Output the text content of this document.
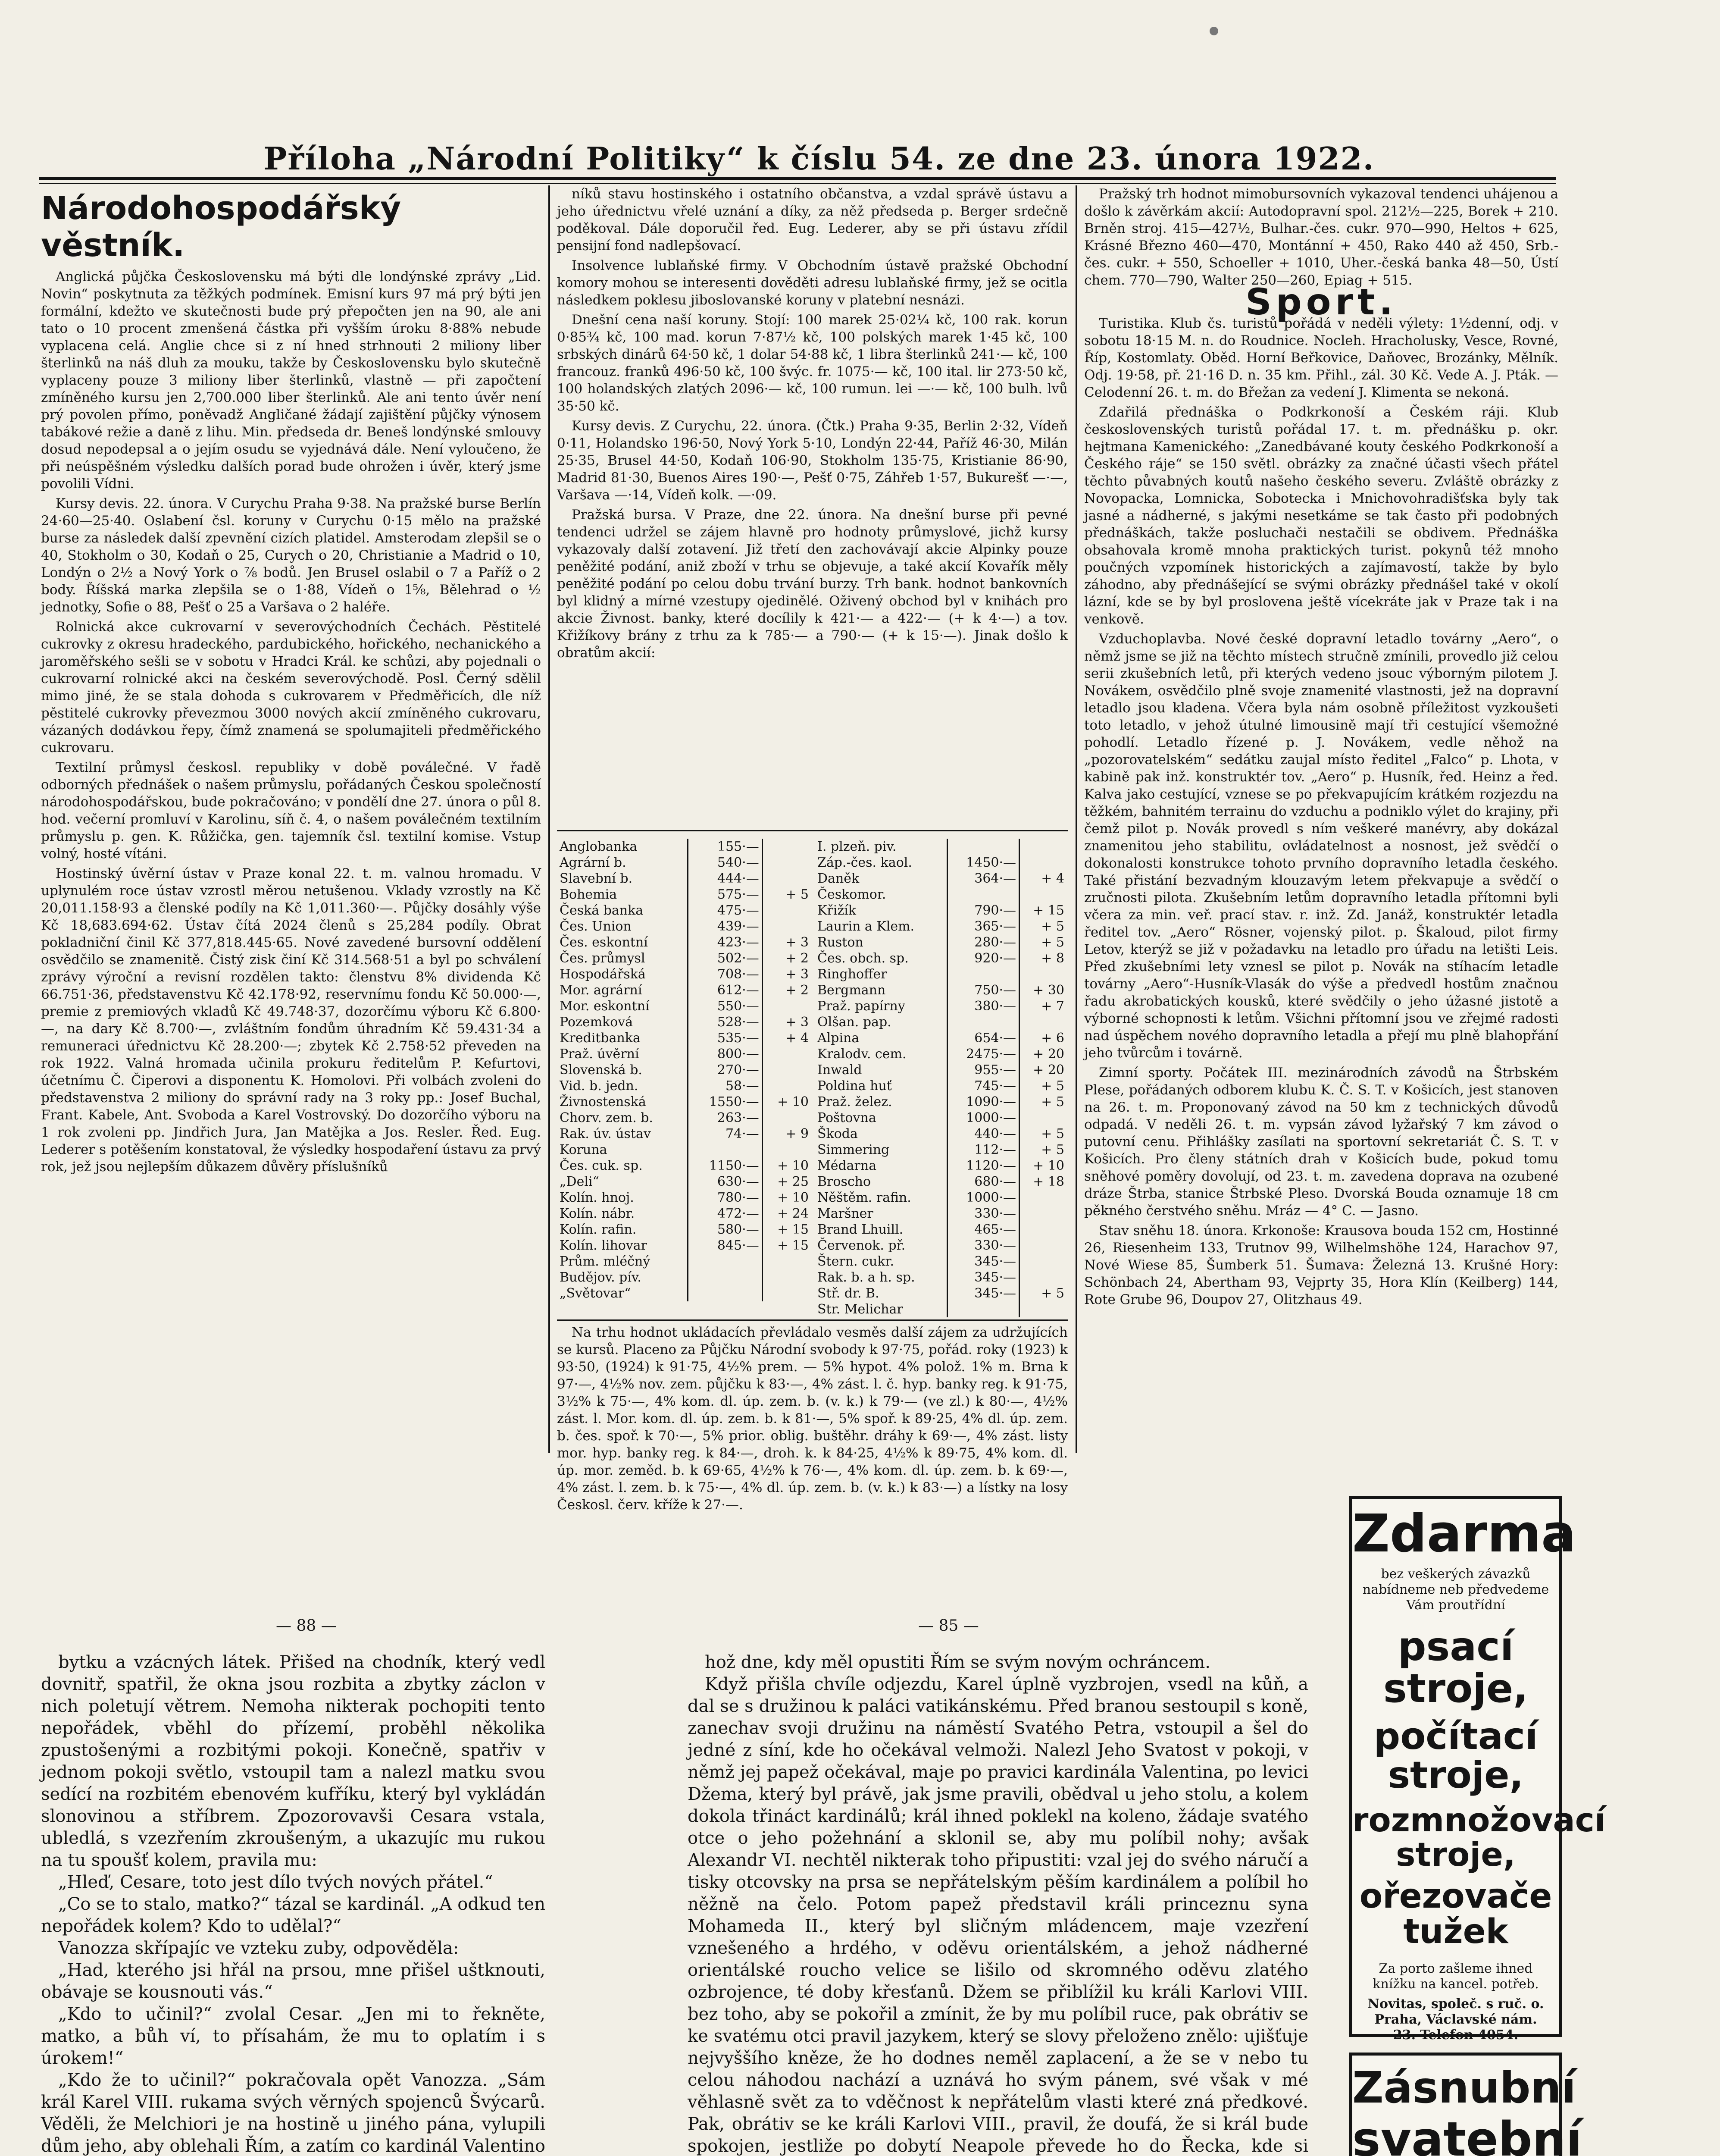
Příloha „Národní Politiky“ k číslu 54. ze dne 23. února 1922.
Národohospodářský věstník.

Anglická půjčka Československu má býti dle londýnské zprávy „Lid. Novin“ poskytnuta za těžkých podmínek. Emisní kurs 97 má prý býti jen formální, kdežto ve skutečnosti bude prý přepočten jen na 90, ale ani tato o 10 procent zmenšená částka při vyšším úroku 8·88% nebude vyplacena celá. Anglie chce si z ní hned strhnouti 2 miliony liber šterlinků na náš dluh za mouku, takže by Československu bylo skutečně vyplaceny pouze 3 miliony liber šterlinků, vlastně — při započtení zmíněného kursu jen 2,700.000 liber šterlinků. Ale ani tento úvěr není prý povolen přímo, poněvadž Angličané žádají zajištění půjčky výnosem tabákové režie a daně z lihu. Min. předseda dr. Beneš londýnské smlouvy dosud nepodepsal a o jejím osudu se vyjednává dále. Není vyloučeno, že při neúspěšném výsledku dalších porad bude ohrožen i úvěr, který jsme povolili Vídni.

Kursy devis. 22. února. V Curychu Praha 9·38. Na pražské burse Berlín 24·60—25·40. Oslabení čsl. koruny v Curychu 0·15 mělo na pražské burse za následek další zpevnění cizích platidel. Amsterodam zlepšil se o 40, Stokholm o 30, Kodaň o 25, Curych o 20, Christianie a Madrid o 10, Londýn o 2½ a Nový York o ⅞ bodů. Jen Brusel oslabil o 7 a Paříž o 2 body. Říšská marka zlepšila se o 1·88, Vídeň o 1⅝, Bělehrad o ½ jednotky, Sofie o 88, Pešť o 25 a Varšava o 2 haléře.

Rolnická akce cukrovarní v severovýchodních Čechách. Pěstitelé cukrovky z okresu hradeckého, pardubického, hořického, nechanického a jaroměřského sešli se v sobotu v Hradci Král. ke schůzi, aby pojednali o cukrovarní rolnické akci na českém severovýchodě. Posl. Černý sdělil mimo jiné, že se stala dohoda s cukrovarem v Předměřicích, dle níž pěstitelé cukrovky převezmou 3000 nových akcií zmíněného cukrovaru, vázaných dodávkou řepy, čímž znamená se spolumajiteli předměřického cukrovaru.

Textilní průmysl českosl. republiky v době poválečné. V řadě odborných přednášek o našem průmyslu, pořádaných Českou společností národohospodářskou, bude pokračováno; v pondělí dne 27. února o půl 8. hod. večerní promluví v Karolinu, síň č. 4, o našem poválečném textilním průmyslu p. gen. K. Růžička, gen. tajemník čsl. textilní komise. Vstup volný, hosté vítáni.

Hostinský úvěrní ústav v Praze konal 22. t. m. valnou hromadu. V uplynulém roce ústav vzrostl měrou netušenou. Vklady vzrostly na Kč 20,011.158·93 a členské podíly na Kč 1,011.360·—. Půjčky dosáhly výše Kč 18,683.694·62. Ústav čítá 2024 členů s 25,284 podíly. Obrat pokladniční činil Kč 377,818.445·65. Nové zavedené bursovní oddělení osvědčilo se znamenitě. Čistý zisk činí Kč 314.568·51 a byl po schválení zprávy výroční a revisní rozdělen takto: členstvu 8% dividenda Kč 66.751·36, představenstvu Kč 42.178·92, reservnímu fondu Kč 50.000·—, premie z premiových vkladů Kč 49.748·37, dozorčímu výboru Kč 6.800·—, na dary Kč 8.700·—, zvláštním fondům úhradním Kč 59.431·34 a remuneraci úřednictvu Kč 28.200·—; zbytek Kč 2.758·52 převeden na rok 1922. Valná hromada učinila prokuru ředitelům P. Kefurtovi, účetnímu Č. Čiperovi a disponentu K. Homolovi. Při volbách zvoleni do představenstva 2 miliony do správní rady na 3 roky pp.: Josef Buchal, Frant. Kabele, Ant. Svoboda a Karel Vostrovský. Do dozorčího výboru na 1 rok zvoleni pp. Jindřich Jura, Jan Matějka a Jos. Resler. Řed. Eug. Lederer s potěšením konstatoval, že výsledky hospodaření ústavu za prvý rok, jež jsou nejlepším důkazem důvěry příslušníků

níků stavu hostinského i ostatního občanstva, a vzdal správě ústavu a jeho úřednictvu vřelé uznání a díky, za něž předseda p. Berger srdečně poděkoval. Dále doporučil řed. Eug. Lederer, aby se při ústavu zřídil pensijní fond nadlepšovací.

Insolvence lublaňské firmy. V Obchodním ústavě pražské Obchodní komory mohou se interesenti dověděti adresu lublaňské firmy, jež se ocitla následkem poklesu jiboslovanské koruny v platební nesnázi.

Dnešní cena naší koruny. Stojí: 100 marek 25·02¼ kč, 100 rak. korun 0·85¾ kč, 100 mad. korun 7·87½ kč, 100 polských marek 1·45 kč, 100 srbských dinárů 64·50 kč, 1 dolar 54·88 kč, 1 libra šterlinků 241·— kč, 100 francouz. franků 496·50 kč, 100 švýc. fr. 1075·— kč, 100 ital. lir 273·50 kč, 100 holandských zlatých 2096·— kč, 100 rumun. lei —·— kč, 100 bulh. lvů 35·50 kč.

Kursy devis. Z Curychu, 22. února. (Čtk.) Praha 9·35, Berlin 2·32, Vídeň 0·11, Holandsko 196·50, Nový York 5·10, Londýn 22·44, Paříž 46·30, Milán 25·35, Brusel 44·50, Kodaň 106·90, Stokholm 135·75, Kristianie 86·90, Madrid 81·30, Buenos Aires 190·—, Pešť 0·75, Záhřeb 1·57, Bukurešť —·—, Varšava —·14, Vídeň kolk. —·09.

Pražská bursa. V Praze, dne 22. února. Na dnešní burse při pevné tendenci udržel se zájem hlavně pro hodnoty průmyslové, jichž kursy vykazovaly další zotavení. Již třetí den zachovávají akcie Alpinky pouze peněžité podání, aniž zboží v trhu se objevuje, a také akcií Kovařík měly peněžité podání po celou dobu trvání burzy. Trh bank. hodnot bankovních byl klidný a mírné vzestupy ojedinělé. Oživený obchod byl v knihách pro akcie Živnost. banky, které docílily k 421·— a 422·— (+ k 4·—) a tov. Křižíkovy brány z trhu za k 785·— a 790·— (+ k 15·—). Jinak došlo k obratům akcií:

Anglobanka	155·—	
Agrární b.	540·—	
Slavební b.	444·—	
Bohemia	575·—	+ 5
Česká banka	475·—	
Čes. Union	439·—	
Čes. eskontní	423·—	+ 3
Čes. průmysl	502·—	+ 2
Hospodářská	708·—	+ 3
Mor. agrární	612·—	+ 2
Mor. eskontní	550·—	
Pozemková	528·—	+ 3
Kreditbanka	535·—	+ 4
Praž. úvěrní	800·—	
Slovenská b.	270·—	
Vid. b. jedn.	58·—	
Živnostenská	1550·—	+ 10
Chorv. zem. b.	263·—	
Rak. úv. ústav	74·—	+ 9
Koruna		
Čes. cuk. sp.	1150·—	+ 10
„Deli“	630·—	+ 25
Kolín. hnoj.	780·—	+ 10
Kolín. nábr.	472·—	+ 24
Kolín. rafin.	580·—	+ 15
Kolín. lihovar	845·—	+ 15
Prům. mléčný		
Budějov. pív.		
„Světovar“		
I. plzeň. piv.		
Záp.-čes. kaol.	1450·—	
Daněk	364·—	+ 4
Českomor.		
Křižík	790·—	+ 15
Laurin a Klem.	365·—	+ 5
Ruston	280·—	+ 5
Čes. obch. sp.	920·—	+ 8
Ringhoffer		
Bergmann	750·—	+ 30
Praž. papírny	380·—	+ 7
Olšan. pap.		
Alpina	654·—	+ 6
Kralodv. cem.	2475·—	+ 20
Inwald	955·—	+ 20
Poldina huť	745·—	+ 5
Praž. želez.	1090·—	+ 5
Poštovna	1000·—	
Škoda	440·—	+ 5
Simmering	112·—	+ 5
Médarna	1120·—	+ 10
Broscho	680·—	+ 18
Něštěm. rafin.	1000·—	
Maršner	330·—	
Brand Lhuill.	465·—	
Červenok. př.	330·—	
Štern. cukr.	345·—	
Rak. b. a h. sp.	345·—	
Stř. dr. B.	345·—	+ 5
Str. Melichar		

Na trhu hodnot ukládacích převládalo vesměs další zájem za udržujících se kursů. Placeno za Půjčku Národní svobody k 97·75, pořád. roky (1923) k 93·50, (1924) k 91·75, 4½% prem. — 5% hypot. 4% polož. 1% m. Brna k 97·—, 4½% nov. zem. půjčku k 83·—, 4% zást. l. č. hyp. banky reg. k 91·75, 3½% k 75·—, 4% kom. dl. úp. zem. b. (v. k.) k 79·— (ve zl.) k 80·—, 4½% zást. l. Mor. kom. dl. úp. zem. b. k 81·—, 5% spoř. k 89·25, 4% dl. úp. zem. b. čes. spoř. k 70·—, 5% prior. oblig. buštěhr. dráhy k 69·—, 4% zást. listy mor. hyp. banky reg. k 84·—, droh. k. k 84·25, 4½% k 89·75, 4% kom. dl. úp. mor. zeměd. b. k 69·65, 4½% k 76·—, 4% kom. dl. úp. zem. b. k 69·—, 4% zást. l. zem. b. k 75·—, 4% dl. úp. zem. b. (v. k.) k 83·—) a lístky na losy Českosl. červ. kříže k 27·—.

Pražský trh hodnot mimobursovních vykazoval tendenci uhájenou a došlo k závěrkám akcií: Autodopravní spol. 212½—225, Borek + 210. Brněn stroj. 415—427½, Bulhar.-čes. cukr. 970—990, Heltos + 625, Krásné Březno 460—470, Montánní + 450, Rako 440 až 450, Srb.-čes. cukr. + 550, Schoeller + 1010, Uher.-česká banka 48—50, Ústí chem. 770—790, Walter 250—260, Epiag + 515.

Sport.

Turistika. Klub čs. turistů pořádá v neděli výlety: 1½denní, odj. v sobotu 18·15 M. n. do Roudnice. Nocleh. Hracholusky, Vesce, Rovné, Říp, Kostomlaty. Oběd. Horní Beřkovice, Daňovec, Brozánky, Mělník. Odj. 19·58, př. 21·16 D. n. 35 km. Přihl., zál. 30 Kč. Vede A. J. Pták. — Celodenní 26. t. m. do Břežan za vedení J. Klimenta se nekoná.

Zdařilá přednáška o Podkrkonoší a Českém ráji. Klub československých turistů pořádal 17. t. m. přednášku p. okr. hejtmana Kamenického: „Zanedbávané kouty českého Podkrkonoší a Českého ráje“ se 150 světl. obrázky za značné účasti všech přátel těchto půvabných koutů našeho českého severu. Zvláště obrázky z Novopacka, Lomnicka, Sobotecka i Mnichovohradišťska byly tak jasné a nádherné, s jakými nesetkáme se tak často při podobných přednáškách, takže posluchači nestačili se obdivem. Přednáška obsahovala kromě mnoha praktických turist. pokynů též mnoho poučných vzpomínek historických a zajímavostí, takže by bylo záhodno, aby přednášející se svými obrázky přednášel také v okolí lázní, kde se by byl proslovena ještě vícekráte jak v Praze tak i na venkově.

Vzduchoplavba. Nové české dopravní letadlo továrny „Aero“, o němž jsme se již na těchto místech stručně zmínili, provedlo již celou serii zkušebních letů, při kterých vedeno jsouc výborným pilotem J. Novákem, osvědčilo plně svoje znamenité vlastnosti, jež na dopravní letadlo jsou kladena. Včera byla nám osobně příležitost vyzkoušeti toto letadlo, v jehož útulné limousině mají tři cestující všemožné pohodlí. Letadlo řízené p. J. Novákem, vedle něhož na „pozorovatelském“ sedátku zaujal místo ředitel „Falco“ p. Lhota, v kabině pak inž. konstruktér tov. „Aero“ p. Husník, řed. Heinz a řed. Kalva jako cestující, vznese se po překvapujícím krátkém rozjezdu na těžkém, bahnitém terrainu do vzduchu a podniklo výlet do krajiny, při čemž pilot p. Novák provedl s ním veškeré manévry, aby dokázal znamenitou jeho stabilitu, ovládatelnost a nosnost, jež svědčí o dokonalosti konstrukce tohoto prvního dopravního letadla českého. Také přistání bezvadným klouzavým letem překvapuje a svědčí o zručnosti pilota. Zkušebním letům dopravního letadla přítomni byli včera za min. veř. prací stav. r. inž. Zd. Janáž, konstruktér letadla ředitel tov. „Aero“ Rösner, vojenský pilot. p. Škaloud, pilot firmy Letov, kterýž se již v požadavku na letadlo pro úřadu na letišti Leis. Před zkušebními lety vznesl se pilot p. Novák na stíhacím letadle továrny „Aero“-Husník-Vlasák do výše a předvedl hostům značnou řadu akrobatických kousků, které svědčily o jeho úžasné jistotě a výborné schopnosti k letům. Všichni přítomní jsou ve zřejmé radosti nad úspěchem nového dopravního letadla a přejí mu plně blahopřání jeho tvůrcům i továrně.

Zimní sporty. Počátek III. mezinárodních závodů na Štrbském Plese, pořádaných odborem klubu K. Č. S. T. v Košicích, jest stanoven na 26. t. m. Proponovaný závod na 50 km z technických důvodů odpadá. V neděli 26. t. m. vypsán závod lyžařský 7 km závod o putovní cenu. Přihlášky zasílati na sportovní sekretariát Č. S. T. v Košicích. Pro členy státních drah v Košicích bude, pokud tomu sněhové poměry dovolují, od 23. t. m. zavedena doprava na ozubené dráze Štrba, stanice Štrbské Pleso. Dvorská Bouda oznamuje 18 cm pěkného čerstvého sněhu. Mráz — 4° C. — Jasno.

Stav sněhu 18. února. Krkonoše: Krausova bouda 152 cm, Hostinné 26, Riesenheim 133, Trutnov 99, Wilhelmshöhe 124, Harachov 97, Nové Wiese 85, Šumberk 51. Šumava: Železná 13. Krušné Hory: Schönbach 24, Abertham 93, Vejprty 35, Hora Klín (Keilberg) 144, Rote Grube 96, Doupov 27, Olitzhaus 49.

— 88 —	— 85 —

bytku a vzácných látek. Přišed na chodník, který vedl dovnitř, spatřil, že okna jsou rozbita a zbytky záclon v nich poletují větrem. Nemoha nikterak pochopiti tento nepořádek, vběhl do přízemí, proběhl několika zpustošenými a rozbitými pokoji. Konečně, spatřiv v jednom pokoji světlo, vstoupil tam a nalezl matku svou sedící na rozbitém ebenovém kufříku, který byl vykládán slonovinou a stříbrem. Zpozorovavši Cesara vstala, ubledlá, s vzezřením zkroušeným, a ukazujíc mu rukou na tu spoušť kolem, pravila mu:

„Hleď, Cesare, toto jest dílo tvých nových přátel.“

„Co se to stalo, matko?“ tázal se kardinál. „A odkud ten nepořádek kolem? Kdo to udělal?“

Vanozza skřípajíc ve vzteku zuby, odpověděla:

„Had, kterého jsi hřál na prsou, mne přišel uštknouti, obávaje se kousnouti vás.“

„Kdo to učinil?“ zvolal Cesar. „Jen mi to řekněte, matko, a bůh ví, to přísahám, že mu to oplatím i s úrokem!“

„Kdo že to učinil?“ pokračovala opět Vanozza. „Sám král Karel VIII. rukama svých věrných spojenců Švýcarů. Věděli, že Melchiori je na hostině u jiného pána, vylupili dům jeho, aby oblehali Řím, a zatím co kardinál Valentino

hož dne, kdy měl opustiti Řím se svým novým ochráncem.

Když přišla chvíle odjezdu, Karel úplně vyzbrojen, vsedl na kůň, a dal se s družinou k paláci vatikánskému. Před branou sestoupil s koně, zanechav svoji družinu na náměstí Svatého Petra, vstoupil a šel do jedné z síní, kde ho očekával velmoži. Nalezl Jeho Svatost v pokoji, v němž jej papež očekával, maje po pravici kardinála Valentina, po levici Džema, který byl právě, jak jsme pravili, obědval u jeho stolu, a kolem dokola třináct kardinálů; král ihned poklekl na koleno, žádaje svatého otce o jeho požehnání a sklonil se, aby mu políbil nohy; avšak Alexandr VI. nechtěl nikterak toho připustiti: vzal jej do svého náručí a tisky otcovsky na prsa se nepřátelským pěším kardinálem a políbil ho něžně na čelo. Potom papež představil králi princeznu syna Mohameda II., který byl sličným mládencem, maje vzezření vznešeného a hrdého, v oděvu orientálském, a jehož nádherné orientálské roucho velice se lišilo od skromného oděvu zlatého ozbrojence, té doby křesťanů. Džem se přiblížil ku králi Karlovi VIII. bez toho, aby se pokořil a zmínit, že by mu políbil ruce, pak obrátiv se ke svatému otci pravil jazykem, který se slovy přeloženo znělo: ujišťuje nejvyššího kněze, že ho dodnes neměl zaplacení, a že se v nebo tu celou náhodou nachází a uznává ho svým pánem, své však v mé věhlasně svět za to vděčnost k nepřátelům vlasti které zná předkové. Pak, obrátiv se ke králi Karlovi VIII., pravil, že doufá, že si král bude spokojen, jestliže po dobytí Neapole převede ho do Řecka, kde si

Zdarma
bez veškerých závazků nabídneme neb předvedeme Vám proutřídní
psací stroje,
počítací stroje,
rozmnožovací stroje,
ořezovače tužek
Za porto zašleme ihned knížku na kancel. potřeb.
Novitas, společ. s ruč. o. Praha, Václavské nám. 23. Telefon 4054.
Zásnubní
svatební
